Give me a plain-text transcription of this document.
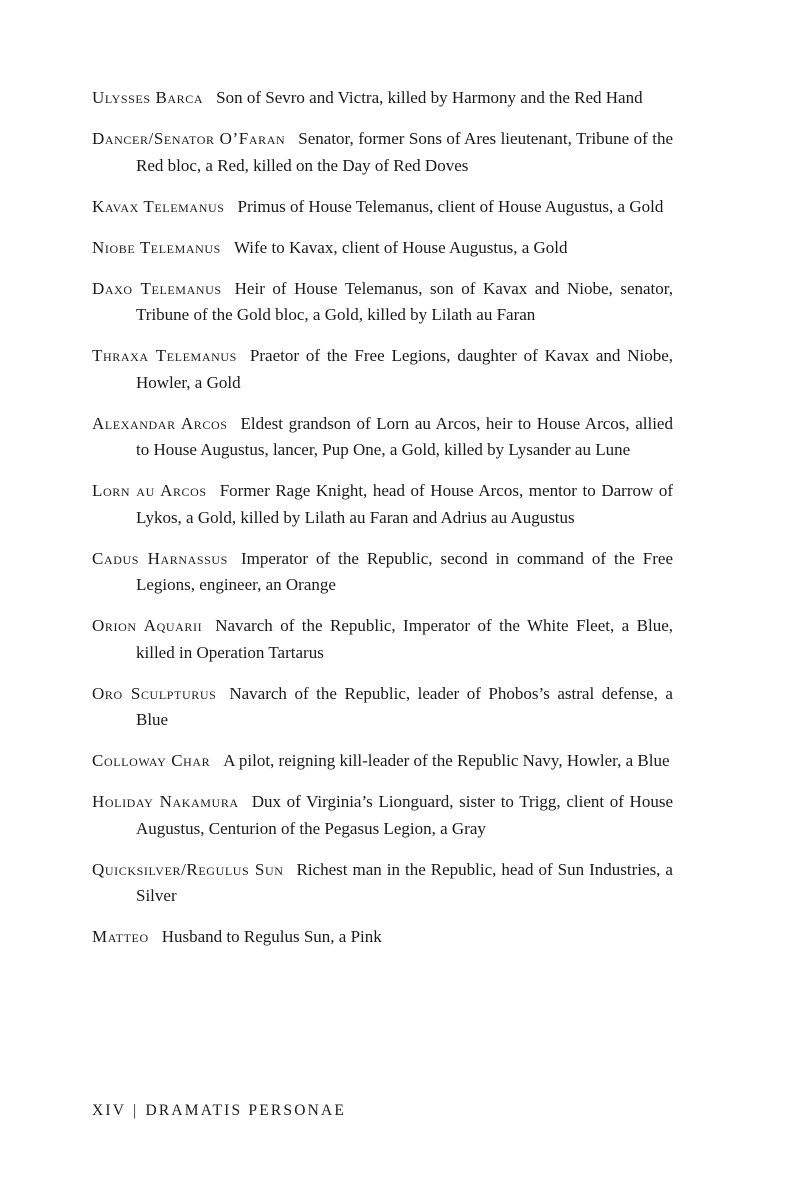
Ulysses Barca Son of Sevro and Victra, killed by Harmony and the Red Hand

Dancer/Senator O’Faran Senator, former Sons of Ares lieutenant, Tribune of the Red bloc, a Red, killed on the Day of Red Doves

Kavax Telemanus Primus of House Telemanus, client of House Augustus, a Gold

Niobe Telemanus Wife to Kavax, client of House Augustus, a Gold

Daxo Telemanus Heir of House Telemanus, son of Kavax and Niobe, senator, Tribune of the Gold bloc, a Gold, killed by Lilath au Faran

Thraxa Telemanus Praetor of the Free Legions, daughter of Kavax and Niobe, Howler, a Gold

Alexandar Arcos Eldest grandson of Lorn au Arcos, heir to House Arcos, allied to House Augustus, lancer, Pup One, a Gold, killed by Lysander au Lune

Lorn au Arcos Former Rage Knight, head of House Arcos, mentor to Darrow of Lykos, a Gold, killed by Lilath au Faran and Adrius au Augustus

Cadus Harnassus Imperator of the Republic, second in command of the Free Legions, engineer, an Orange

Orion Aquarii Navarch of the Republic, Imperator of the White Fleet, a Blue, killed in Operation Tartarus

Oro Sculpturus Navarch of the Republic, leader of Phobos’s astral defense, a Blue

Colloway Char A pilot, reigning kill-leader of the Republic Navy, Howler, a Blue

Holiday Nakamura Dux of Virginia’s Lionguard, sister to Trigg, client of House Augustus, Centurion of the Pegasus Legion, a Gray

Quicksilver/Regulus Sun Richest man in the Republic, head of Sun Industries, a Silver

Matteo Husband to Regulus Sun, a Pink

XIV | DRAMATIS PERSONAE
